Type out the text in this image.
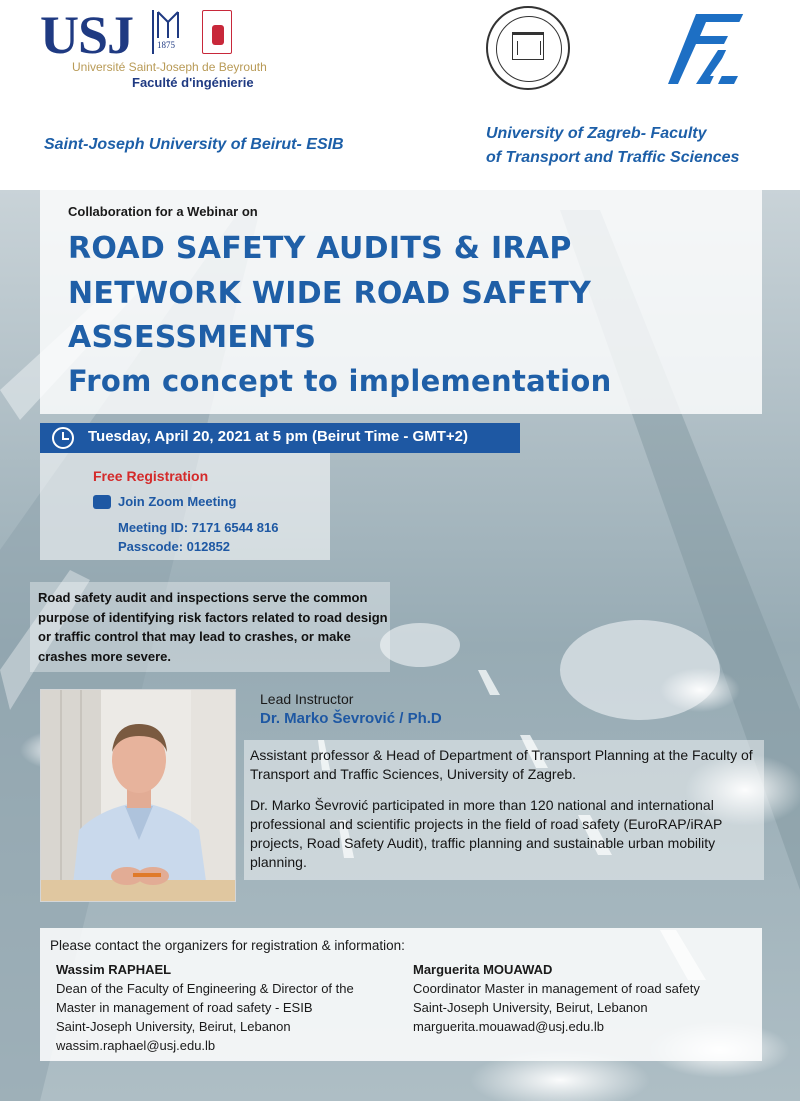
USJ	1875
Université Saint-Joseph de Beyrouth
Faculté d'ingénierie
Saint-Joseph University of Beirut- ESIB
University of Zagreb- Faculty
of Transport and Traffic Sciences
Collaboration for a Webinar on
ROAD SAFETY AUDITS & IRAP
NETWORK WIDE ROAD SAFETY
ASSESSMENTS
From concept to implementation
Tuesday, April 20, 2021 at 5 pm (Beirut Time - GMT+2)
Free Registration
Join Zoom Meeting
Meeting ID: 7171 6544 816
Passcode: 012852
Road safety audit and inspections serve the common purpose of identifying risk factors related to road design or traffic control that may lead to crashes, or make crashes more severe.
Lead Instructor
Dr. Marko Ševrović / Ph.D
Assistant professor & Head of Department of Transport Planning at the Faculty of Transport and Traffic Sciences, University of Zagreb.
Dr. Marko Ševrović participated in more than 120 national and international professional and scientific projects in the field of road safety (EuroRAP/iRAP projects, Road Safety Audit), traffic planning and sustainable urban mobility planning.
Please contact the organizers for registration & information:
Wassim RAPHAEL
Dean of the Faculty of Engineering & Director of the
Master in management of road safety - ESIB
Saint-Joseph University, Beirut, Lebanon
wassim.raphael@usj.edu.lb
Marguerita MOUAWAD
Coordinator Master in management of road safety
Saint-Joseph University, Beirut, Lebanon
marguerita.mouawad@usj.edu.lb
